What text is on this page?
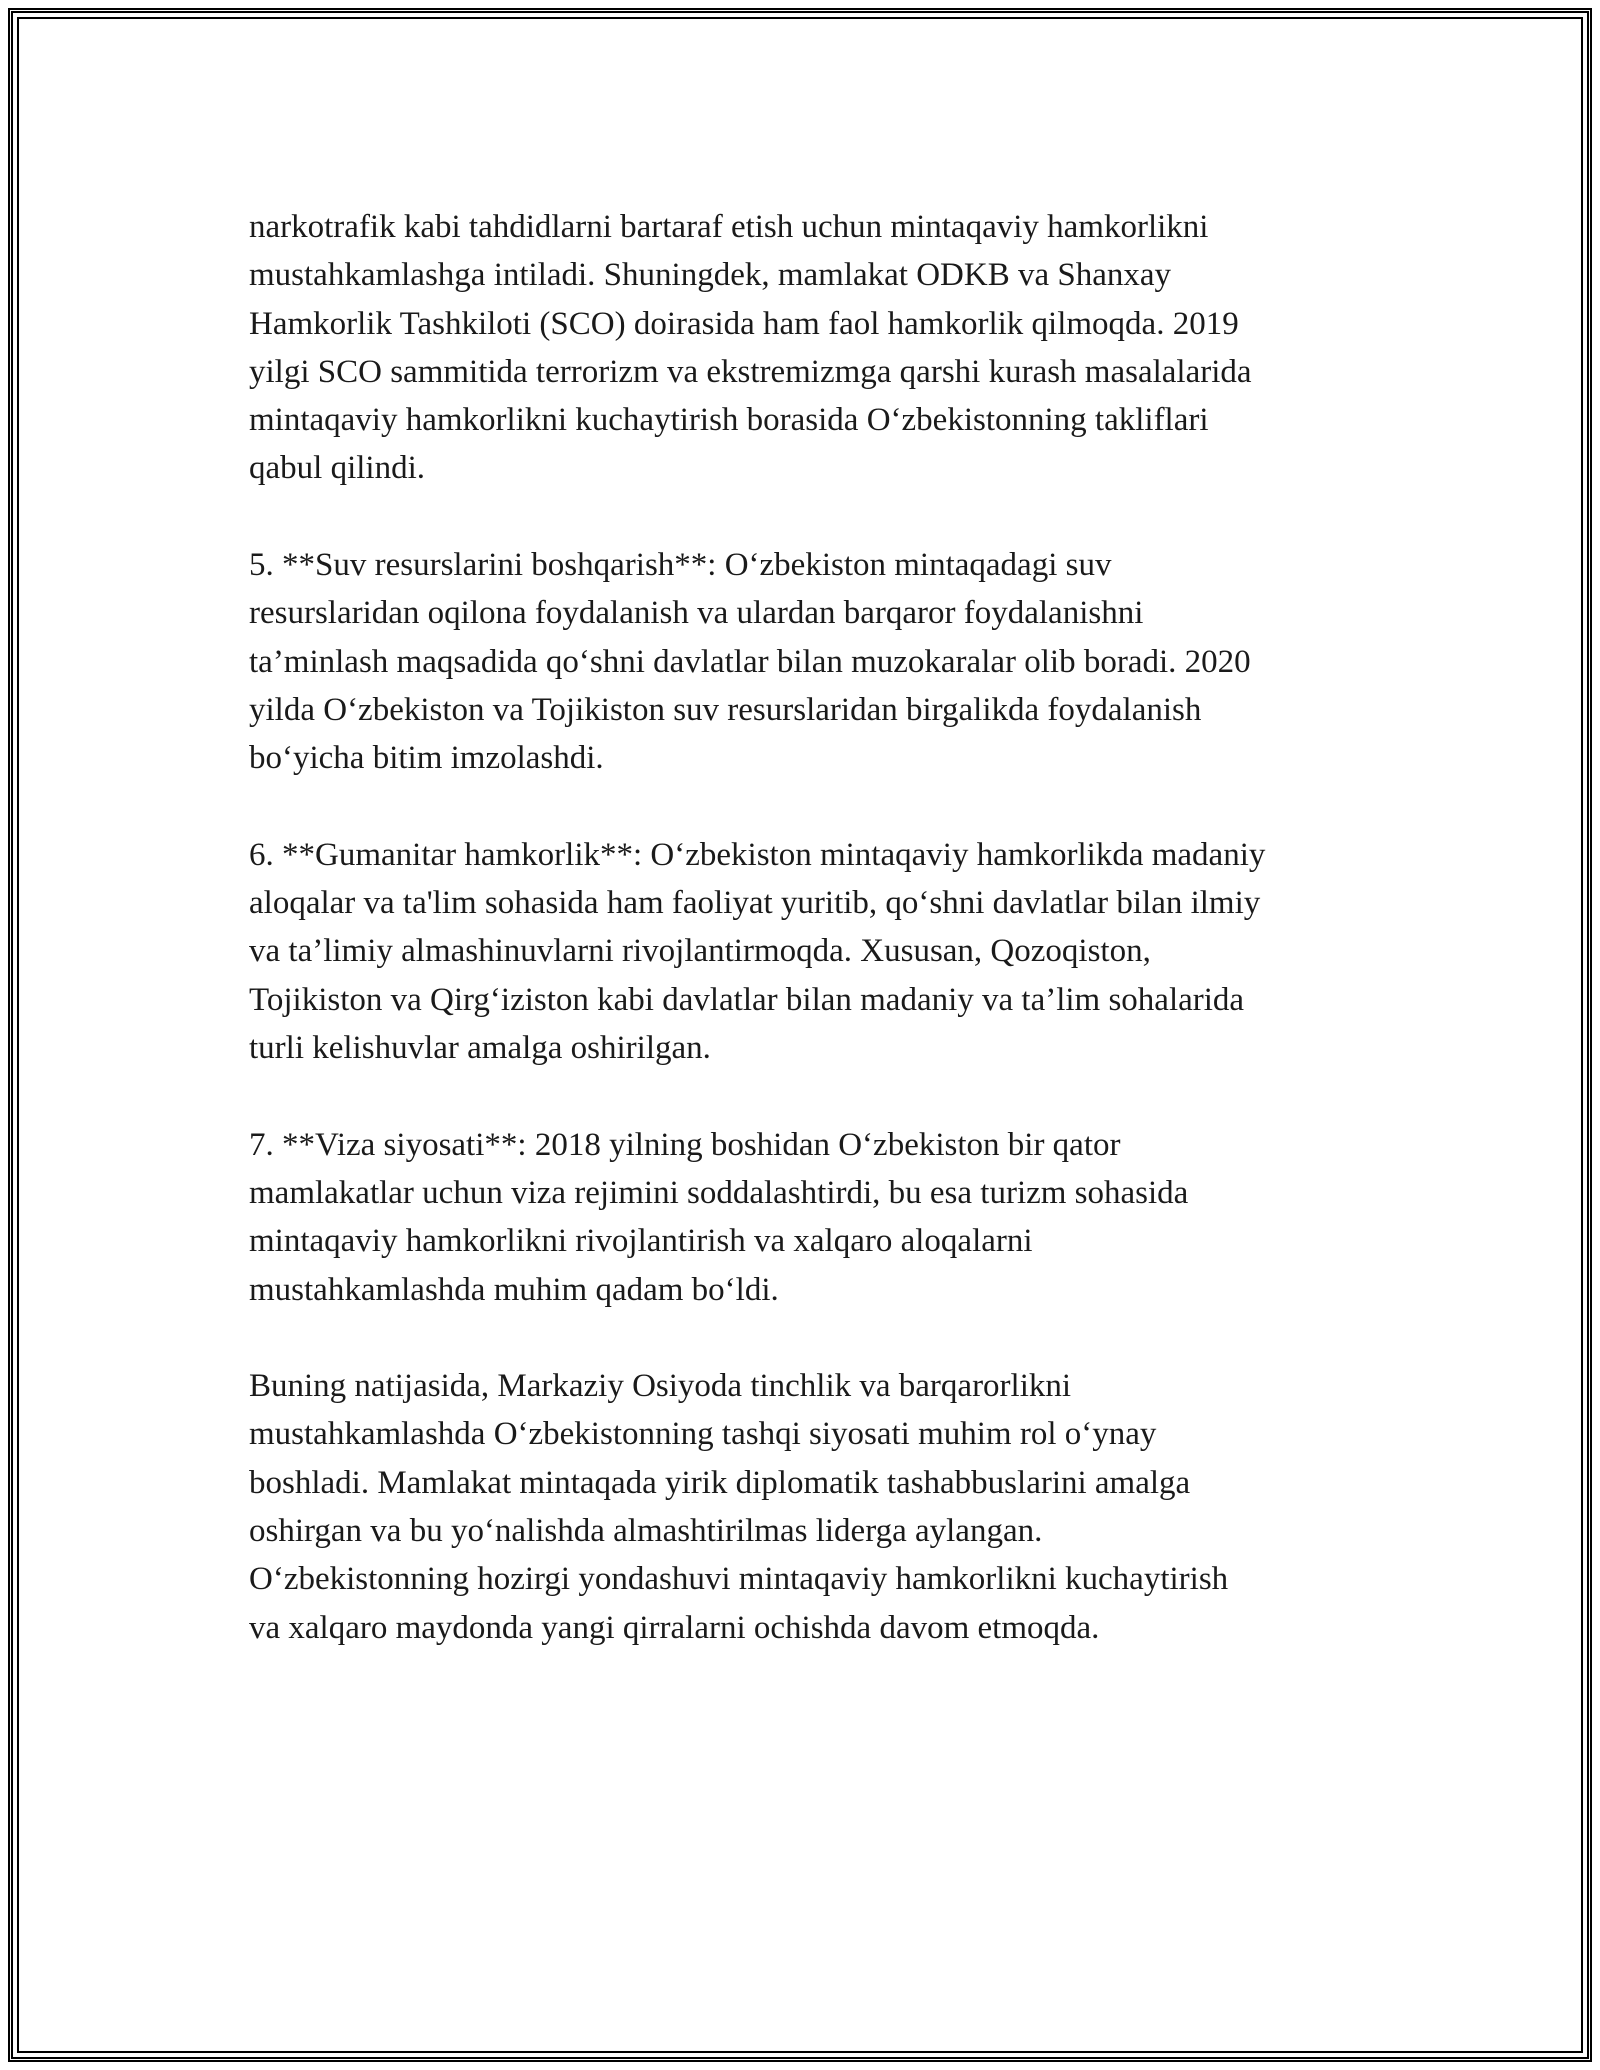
narkotrafik kabi tahdidlarni bartaraf etish uchun mintaqaviy hamkorlikni
mustahkamlashga intiladi. Shuningdek, mamlakat ODKB va Shanxay
Hamkorlik Tashkiloti (SCO) doirasida ham faol hamkorlik qilmoqda. 2019
yilgi SCO sammitida terrorizm va ekstremizmga qarshi kurash masalalarida
mintaqaviy hamkorlikni kuchaytirish borasida O‘zbekistonning takliflari
qabul qilindi.

5. **Suv resurslarini boshqarish**: O‘zbekiston mintaqadagi suv
resurslaridan oqilona foydalanish va ulardan barqaror foydalanishni
ta’minlash maqsadida qo‘shni davlatlar bilan muzokaralar olib boradi. 2020
yilda O‘zbekiston va Tojikiston suv resurslaridan birgalikda foydalanish
bo‘yicha bitim imzolashdi.

6. **Gumanitar hamkorlik**: O‘zbekiston mintaqaviy hamkorlikda madaniy
aloqalar va ta'lim sohasida ham faoliyat yuritib, qo‘shni davlatlar bilan ilmiy
va ta’limiy almashinuvlarni rivojlantirmoqda. Xususan, Qozoqiston,
Tojikiston va Qirg‘iziston kabi davlatlar bilan madaniy va ta’lim sohalarida
turli kelishuvlar amalga oshirilgan.

7. **Viza siyosati**: 2018 yilning boshidan O‘zbekiston bir qator
mamlakatlar uchun viza rejimini soddalashtirdi, bu esa turizm sohasida
mintaqaviy hamkorlikni rivojlantirish va xalqaro aloqalarni
mustahkamlashda muhim qadam bo‘ldi.

Buning natijasida, Markaziy Osiyoda tinchlik va barqarorlikni
mustahkamlashda O‘zbekistonning tashqi siyosati muhim rol o‘ynay
boshladi. Mamlakat mintaqada yirik diplomatik tashabbuslarini amalga
oshirgan va bu yo‘nalishda almashtirilmas liderga aylangan.
O‘zbekistonning hozirgi yondashuvi mintaqaviy hamkorlikni kuchaytirish
va xalqaro maydonda yangi qirralarni ochishda davom etmoqda.
